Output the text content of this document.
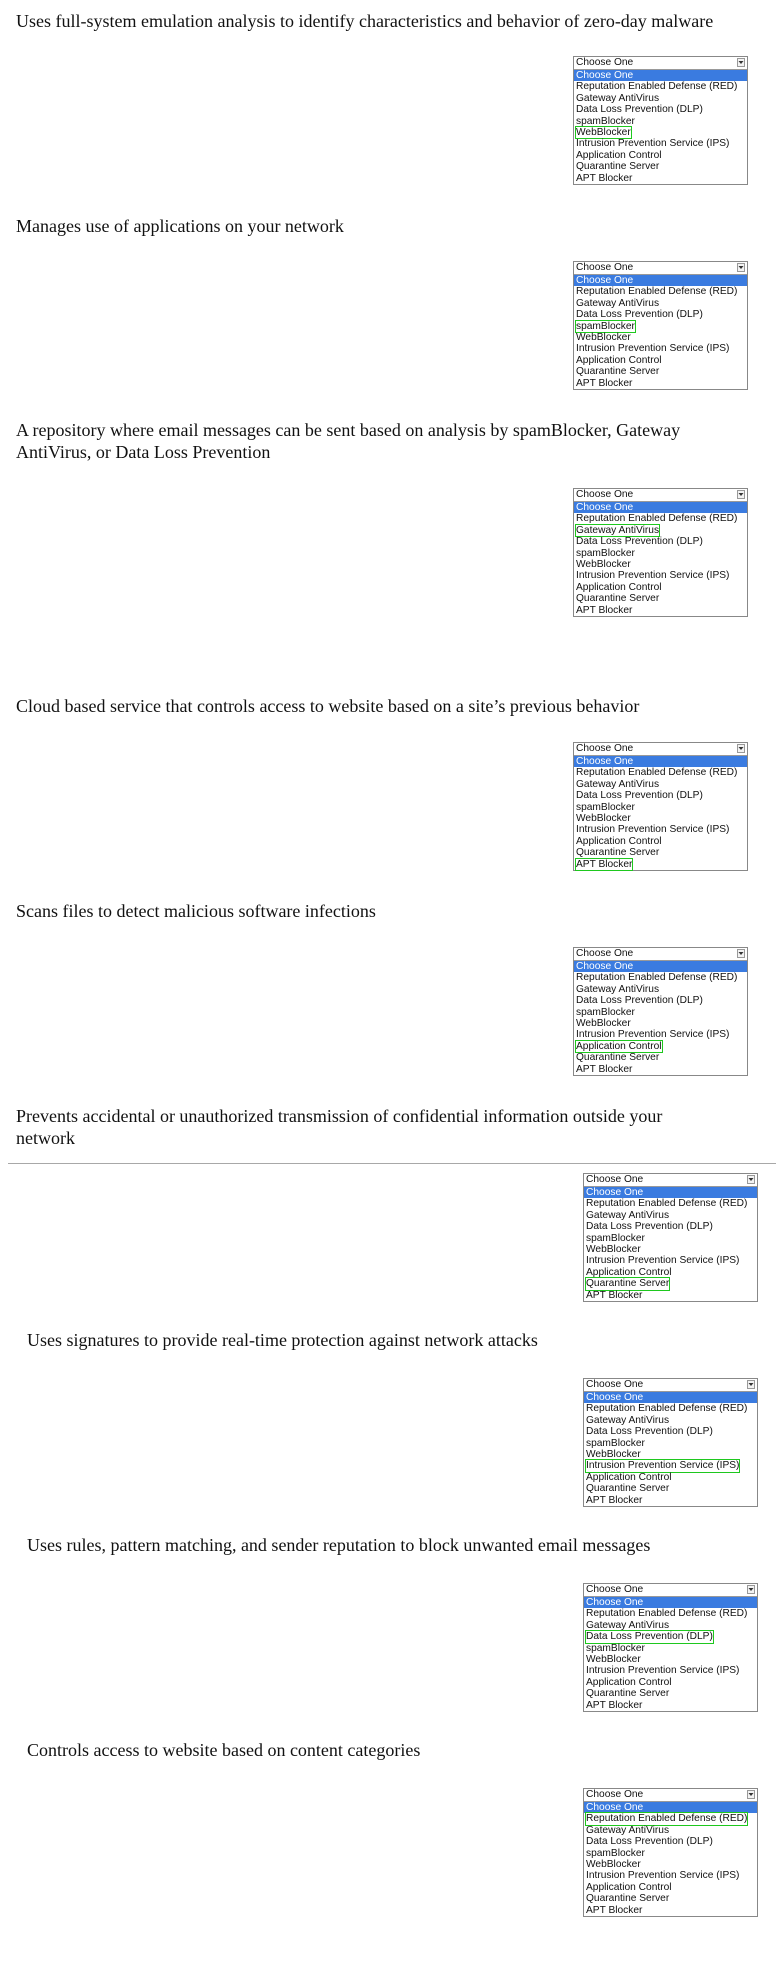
Uses full-system emulation analysis to identify characteristics and behavior of zero-day malware

Choose One
Choose One
Reputation Enabled Defense (RED)
Gateway AntiVirus
Data Loss Prevention (DLP)
spamBlocker
WebBlocker
Intrusion Prevention Service (IPS)
Application Control
Quarantine Server
APT Blocker

Manages use of applications on your network

Choose One
Choose One
Reputation Enabled Defense (RED)
Gateway AntiVirus
Data Loss Prevention (DLP)
spamBlocker
WebBlocker
Intrusion Prevention Service (IPS)
Application Control
Quarantine Server
APT Blocker

A repository where email messages can be sent based on analysis by spamBlocker, Gateway AntiVirus, or Data Loss Prevention

Choose One
Choose One
Reputation Enabled Defense (RED)
Gateway AntiVirus
Data Loss Prevention (DLP)
spamBlocker
WebBlocker
Intrusion Prevention Service (IPS)
Application Control
Quarantine Server
APT Blocker

Cloud based service that controls access to website based on a site’s previous behavior

Choose One
Choose One
Reputation Enabled Defense (RED)
Gateway AntiVirus
Data Loss Prevention (DLP)
spamBlocker
WebBlocker
Intrusion Prevention Service (IPS)
Application Control
Quarantine Server
APT Blocker

Scans files to detect malicious software infections

Choose One
Choose One
Reputation Enabled Defense (RED)
Gateway AntiVirus
Data Loss Prevention (DLP)
spamBlocker
WebBlocker
Intrusion Prevention Service (IPS)
Application Control
Quarantine Server
APT Blocker

Prevents accidental or unauthorized transmission of confidential information outside your network

Choose One
Choose One
Reputation Enabled Defense (RED)
Gateway AntiVirus
Data Loss Prevention (DLP)
spamBlocker
WebBlocker
Intrusion Prevention Service (IPS)
Application Control
Quarantine Server
APT Blocker

Uses signatures to provide real-time protection against network attacks

Choose One
Choose One
Reputation Enabled Defense (RED)
Gateway AntiVirus
Data Loss Prevention (DLP)
spamBlocker
WebBlocker
Intrusion Prevention Service (IPS)
Application Control
Quarantine Server
APT Blocker

Uses rules, pattern matching, and sender reputation to block unwanted email messages

Choose One
Choose One
Reputation Enabled Defense (RED)
Gateway AntiVirus
Data Loss Prevention (DLP)
spamBlocker
WebBlocker
Intrusion Prevention Service (IPS)
Application Control
Quarantine Server
APT Blocker

Controls access to website based on content categories

Choose One
Choose One
Reputation Enabled Defense (RED)
Gateway AntiVirus
Data Loss Prevention (DLP)
spamBlocker
WebBlocker
Intrusion Prevention Service (IPS)
Application Control
Quarantine Server
APT Blocker
